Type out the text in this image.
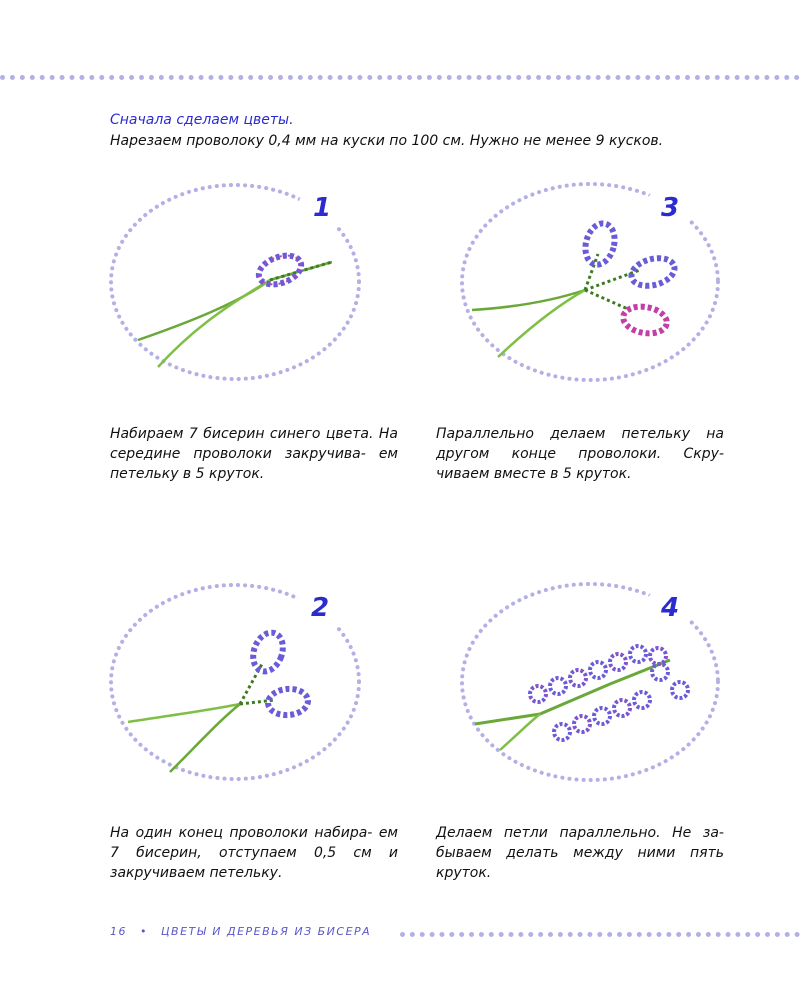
Сначала сделаем цветы.
Нарезаем проволоку 0,4 мм на куски по 100 см. Нужно не менее 9 кусков.
1
Набираем 7 бисерин синего цвета. На середине проволоки закручива- ем петельку в 5 круток.
3
Параллельно делаем петельку на другом конце проволоки. Скру- чиваем вместе в 5 круток.
2
На один конец проволоки набира- ем 7 бисерин, отступаем 0,5 см и закручиваем петельку.
4
Делаем петли параллельно. Не за- бываем делать между ними пять круток.
16 • ЦВЕТЫ И ДЕРЕВЬЯ ИЗ БИСЕРА
